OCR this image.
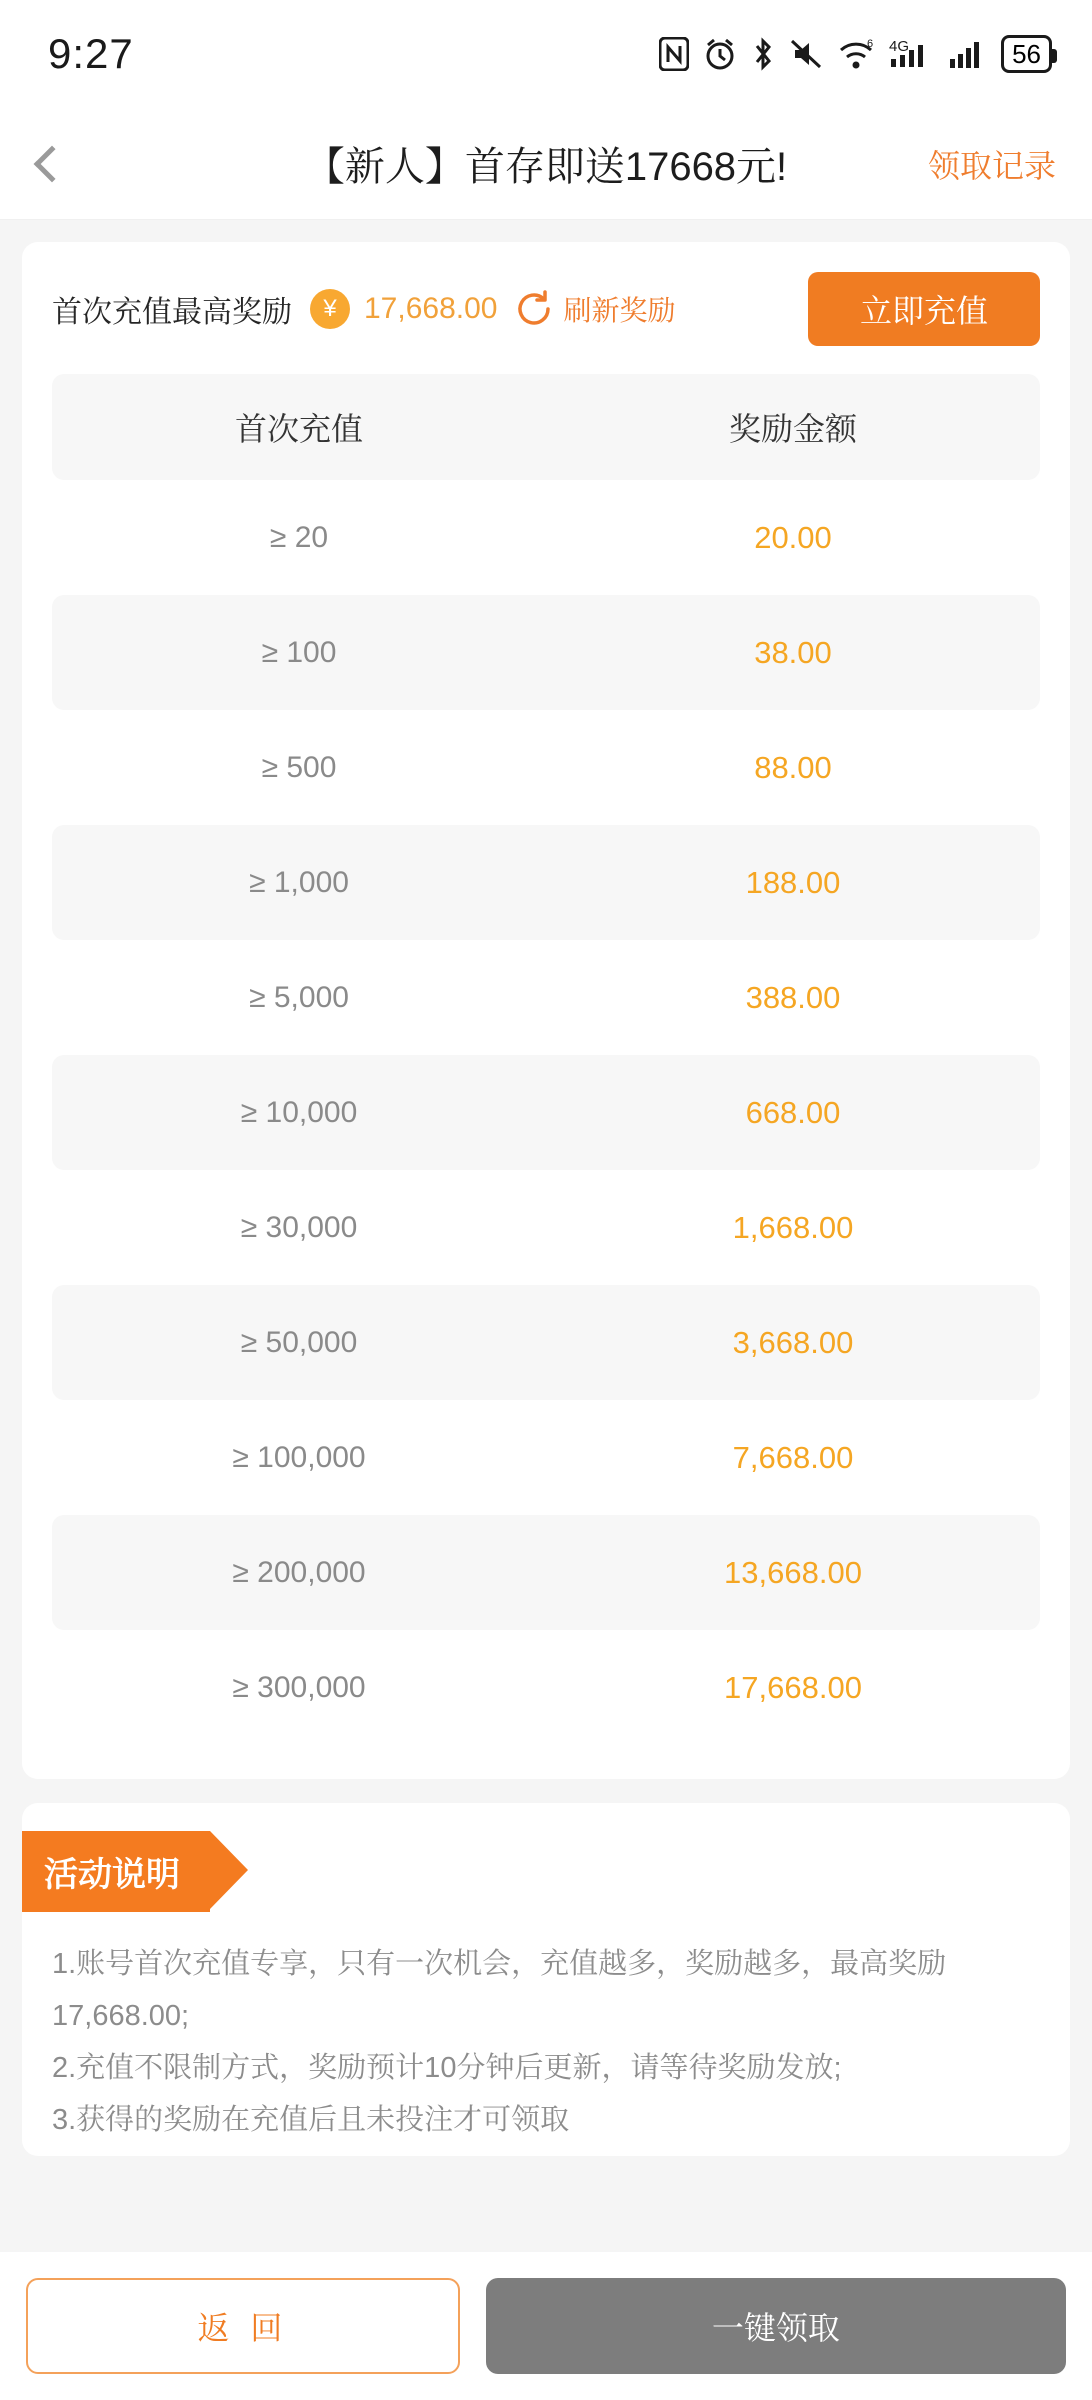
9:27	6 4G	56
【新人】首存即送17668元!	领取记录
首次充值最高奖励	¥ 17,668.00 刷新奖励	立即充值
首次充值	奖励金额
≥ 20	20.00
≥ 100	38.00
≥ 500	88.00
≥ 1,000	188.00
≥ 5,000	388.00
≥ 10,000	668.00
≥ 30,000	1,668.00
≥ 50,000	3,668.00
≥ 100,000	7,668.00
≥ 200,000	13,668.00
≥ 300,000	17,668.00
活动说明

1.账号首次充值专享，只有一次机会，充值越多，奖励越多，最高奖励17,668.00;

2.充值不限制方式，奖励预计10分钟后更新，请等待奖励发放;

3.获得的奖励在充值后且未投注才可领取

返 回	一键领取
